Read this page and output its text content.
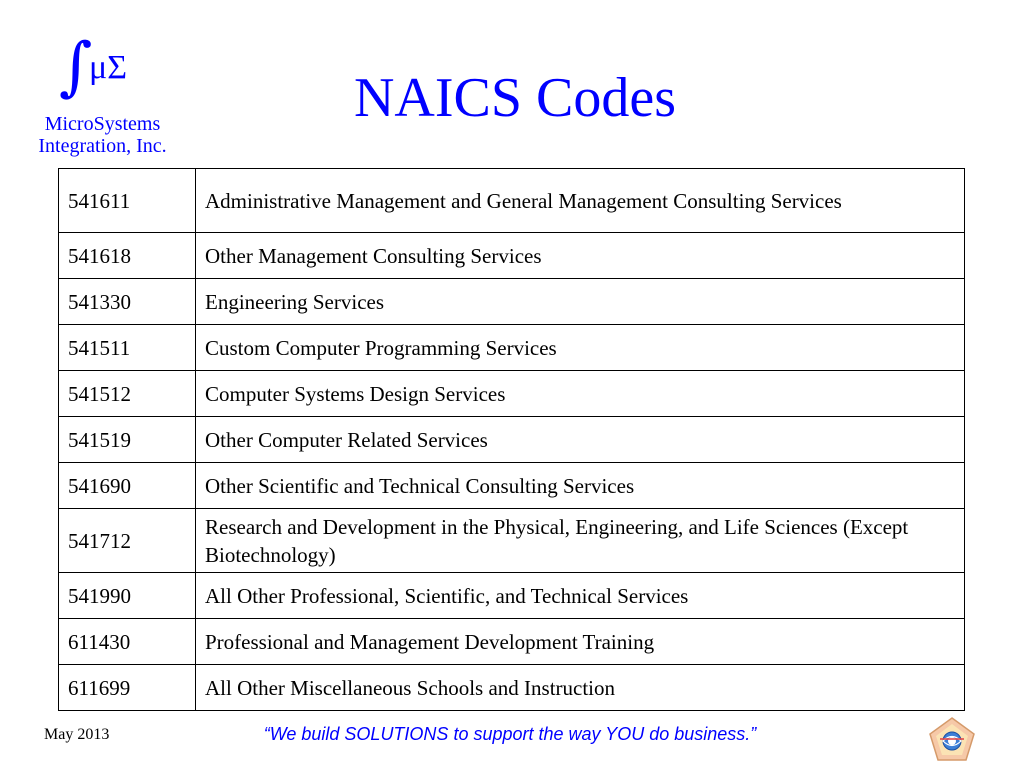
∫
μΣ
MicroSystems
Integration, Inc.
NAICS Codes
541611	Administrative Management and General Management Consulting Services
541618	Other Management Consulting Services
541330	Engineering Services
541511	Custom Computer Programming Services
541512	Computer Systems Design Services
541519	Other Computer Related Services
541690	Other Scientific and Technical Consulting Services
541712	Research and Development in the Physical, Engineering, and Life Sciences (Except Biotechnology)
541990	All Other Professional, Scientific, and Technical Services
611430	Professional and Management Development Training
611699	All Other Miscellaneous Schools and Instruction
May 2013	“We build SOLUTIONS to support the way YOU do business.”
